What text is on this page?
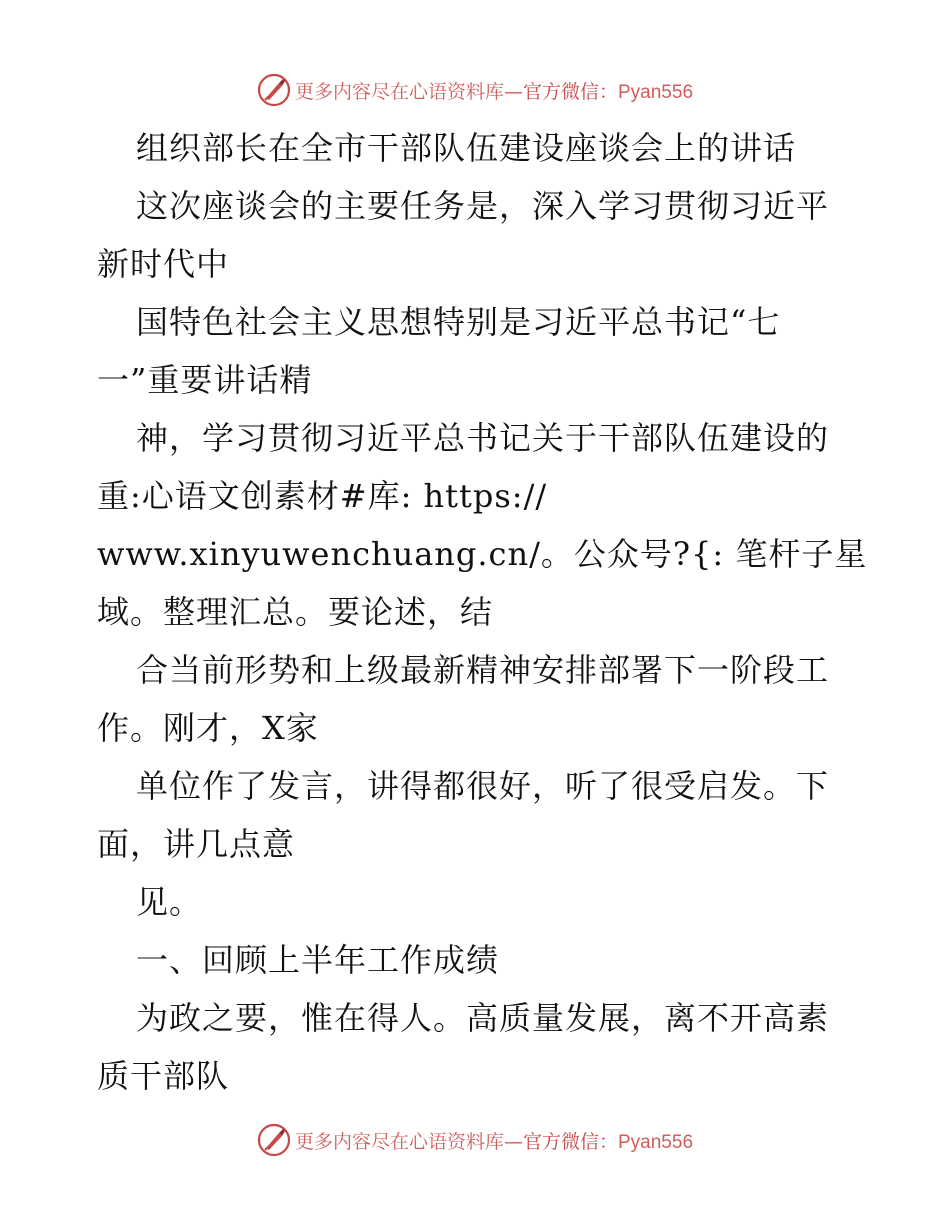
更多内容尽在心语资料库—官方微信：Pyan556
组织部长在全市干部队伍建设座谈会上的讲话
这次座谈会的主要任务是，深入学习贯彻习近平
新时代中
国特色社会主义思想特别是习近平总书记“七
一”重要讲话精
神，学习贯彻习近平总书记关于干部队伍建设的
重:心语文创素材#库: https://
www.xinyuwenchuang.cn/。公众号?{: 笔杆子星
域。整理汇总。要论述，结
合当前形势和上级最新精神安排部署下一阶段工
作。刚才，X家
单位作了发言，讲得都很好，听了很受启发。下
面，讲几点意
见。
一、回顾上半年工作成绩
为政之要，惟在得人。高质量发展，离不开高素
质干部队
更多内容尽在心语资料库—官方微信：Pyan556
